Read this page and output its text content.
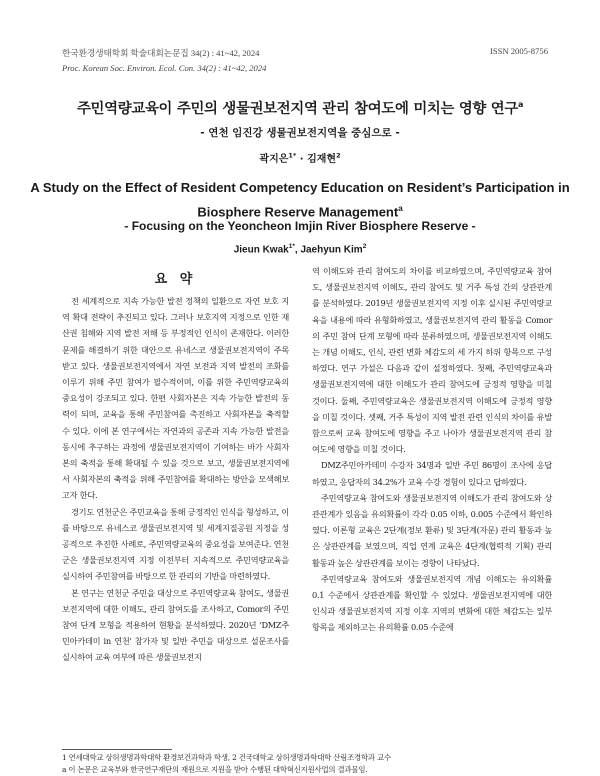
한국환경생태학회 학술대회논문집 34(2) : 41~42, 2024
Proc. Korean Soc. Environ. Ecol. Con. 34(2) : 41~42, 2024
ISSN 2005-8756
주민역량교육이 주민의 생물권보전지역 관리 참여도에 미치는 영향 연구$^a$
- 연천 임진강 생물권보전지역을 중심으로 -
곽지은$^{1*}$ · 김재현$^2$
A Study on the Effect of Resident Competency Education on Resident’s Participation in
Biosphere Reserve Management$^a$
- Focusing on the Yeoncheon Imjin River Biosphere Reserve -
Jieun Kwak$^{1*}$, Jaehyun Kim$^2$
요 약

전 세계적으로 지속 가능한 발전 정책의 일환으로 자연 보호 지역 확대 전략이 추진되고 있다. 그러나 보호지역 지정으로 인한 재산권 침해와 지역 발전 저해 등 부정적인 인식이 존재한다. 이러한 문제를 해결하기 위한 대안으로 유네스코 생물권보전지역이 주목받고 있다. 생물권보전지역에서 자연 보전과 지역 발전의 조화를 이루기 위해 주민 참여가 필수적이며, 이를 위한 주민역량교육의 중요성이 강조되고 있다. 한편 사회자본은 지속 가능한 발전의 동력이 되며, 교육을 통해 주민참여를 촉진하고 사회자본을 축적할 수 있다. 이에 본 연구에서는 자연과의 공존과 지속 가능한 발전을 동시에 추구하는 과정에 생물권보전지역이 기여하는 바가 사회자본의 축적을 통해 확대될 수 있을 것으로 보고, 생물권보전지역에서 사회자본의 축적을 위해 주민참여를 확대하는 방안을 모색해보고자 한다.

경기도 연천군은 주민교육을 통해 긍정적인 인식을 형성하고, 이를 바탕으로 유네스코 생물권보전지역 및 세계지질공원 지정을 성공적으로 추진한 사례로, 주민역량교육의 중요성을 보여준다. 연천군은 생물권보전지역 지정 이전부터 지속적으로 주민역량교육을 실시하여 주민참여를 바탕으로 한 관리의 기반을 마련하였다.

본 연구는 연천군 주민을 대상으로 주민역량교육 참여도, 생물권보전지역에 대한 이해도, 관리 참여도를 조사하고, Comor의 주민 참여 단계 모형을 적용하여 현황을 분석하였다. 2020년 'DMZ주민아카데미 in 연천' 참가자 및 일반 주민을 대상으로 설문조사를 실시하여 교육 여부에 따른 생물권보전지

역 이해도와 관리 참여도의 차이를 비교하였으며, 주민역량교육 참여도, 생물권보전지역 이해도, 관리 참여도 및 거주 특성 간의 상관관계를 분석하였다. 2019년 생물권보전지역 지정 이후 실시된 주민역량교육을 내용에 따라 유형화하였고, 생물권보전지역 관리 활동을 Comor의 주민 참여 단계 모형에 따라 분류하였으며, 생물권보전지역 이해도는 개념 이해도, 인식, 관련 변화 체감도의 세 가지 하위 항목으로 구성하였다. 연구 가설은 다음과 같이 설정하였다. 첫째, 주민역량교육과 생물권보전지역에 대한 이해도가 관리 참여도에 긍정적 영향을 미칠 것이다. 둘째, 주민역량교육은 생물권보전지역 이해도에 긍정적 영향을 미칠 것이다. 셋째, 거주 특성이 지역 발전 관련 인식의 차이를 유발함으로써 교육 참여도에 영향을 주고 나아가 생물권보전지역 관리 참여도에 영향을 미칠 것이다.

DMZ주민아카데미 수강자 34명과 일반 주민 86명이 조사에 응답하였고, 응답자의 34.2%가 교육 수강 경험이 있다고 답하였다.

주민역량교육 참여도와 생물권보전지역 이해도가 관리 참여도와 상관관계가 있음을 유의확률이 각각 0.05 이하, 0.005 수준에서 확인하였다. 이론형 교육은 2단계(정보 환류) 및 3단계(자문) 관리 활동과 높은 상관관계를 보였으며, 직업 연계 교육은 4단계(협력적 기획) 관리 활동과 높은 상관관계를 보이는 경향이 나타났다.

주민역량교육 참여도와 생물권보전지역 개념 이해도는 유의확률 0.1 수준에서 상관관계를 확인할 수 있었다. 생물권보전지역에 대한 인식과 생물권보전지역 지정 이후 지역의 변화에 대한 체감도는 일부 항목을 제외하고는 유의확률 0.05 수준에

1 연세대학교 상허생명과학대학 환경보건과학과 학생, 2 건국대학교 상허생명과학대학 산림조경학과 교수
a 이 논문은 교육부와 한국연구재단의 재원으로 지원을 받아 수행된 대학혁신지원사업의 결과물임.
